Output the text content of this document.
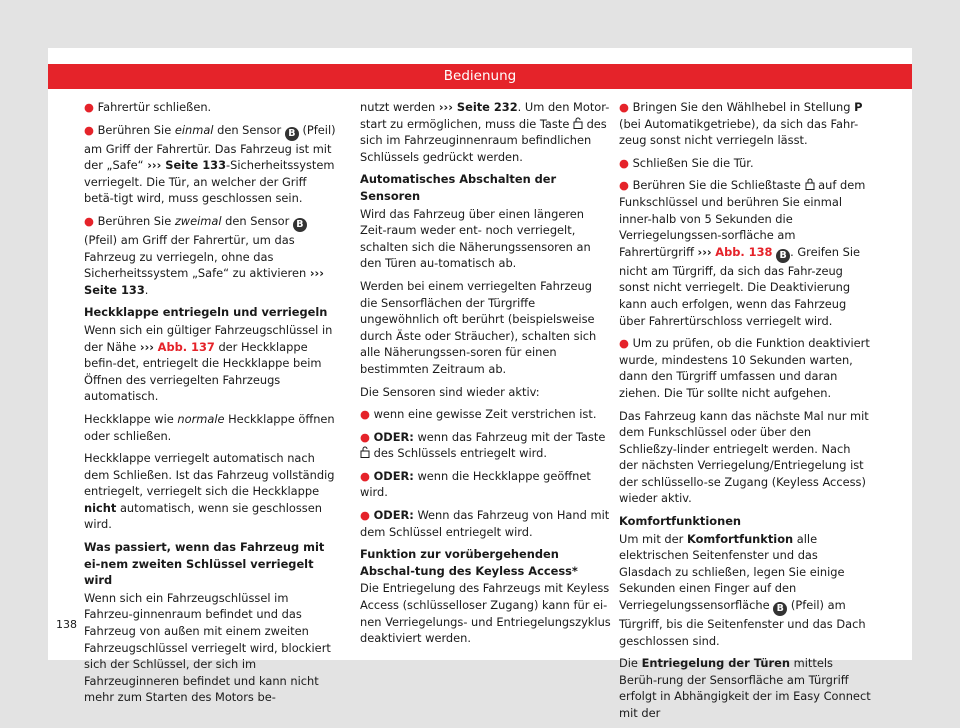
Bedienung

● Fahrertür schließen.

● Berühren Sie einmal den Sensor B (Pfeil) am Griff der Fahrertür. Das Fahrzeug ist mit der „Safe“ ››› Seite 133-Sicherheitssystem verriegelt. Die Tür, an welcher der Griff betä-tigt wird, muss geschlossen sein.

● Berühren Sie zweimal den Sensor B (Pfeil) am Griff der Fahrertür, um das Fahrzeug zu verriegeln, ohne das Sicherheitssystem „Safe“ zu aktivieren ››› Seite 133.

Heckklappe entriegeln und verriegeln

Wenn sich ein gültiger Fahrzeugschlüssel in der Nähe ››› Abb. 137 der Heckklappe befin-det, entriegelt die Heckklappe beim Öffnen des verriegelten Fahrzeugs automatisch.

Heckklappe wie normale Heckklappe öffnen oder schließen.

Heckklappe verriegelt automatisch nach dem Schließen. Ist das Fahrzeug vollständig entriegelt, verriegelt sich die Heckklappe nicht automatisch, wenn sie geschlossen wird.

Was passiert, wenn das Fahrzeug mit ei-nem zweiten Schlüssel verriegelt wird

Wenn sich ein Fahrzeugschlüssel im Fahrzeu-ginnenraum befindet und das Fahrzeug von außen mit einem zweiten Fahrzeugschlüssel verriegelt wird, blockiert sich der Schlüssel, der sich im Fahrzeuginneren befindet und kann nicht mehr zum Starten des Motors be-

nutzt werden ››› Seite 232. Um den Motor-start zu ermöglichen, muss die Taste  des sich im Fahrzeuginnenraum befindlichen Schlüssels gedrückt werden.

Automatisches Abschalten der Sensoren

Wird das Fahrzeug über einen längeren Zeit-raum weder ent- noch verriegelt, schalten sich die Näherungssensoren an den Türen au-tomatisch ab.

Werden bei einem verriegelten Fahrzeug die Sensorflächen der Türgriffe ungewöhnlich oft berührt (beispielsweise durch Äste oder Sträucher), schalten sich alle Näherungssen-soren für einen bestimmten Zeitraum ab.

Die Sensoren sind wieder aktiv:

● wenn eine gewisse Zeit verstrichen ist.

● ODER: wenn das Fahrzeug mit der Taste  des Schlüssels entriegelt wird.

● ODER: wenn die Heckklappe geöffnet wird.

● ODER: Wenn das Fahrzeug von Hand mit dem Schlüssel entriegelt wird.

Funktion zur vorübergehenden Abschal-tung des Keyless Access*

Die Entriegelung des Fahrzeugs mit Keyless Access (schlüsselloser Zugang) kann für ei-nen Verriegelungs- und Entriegelungszyklus deaktiviert werden.

● Bringen Sie den Wählhebel in Stellung P (bei Automatikgetriebe), da sich das Fahr-zeug sonst nicht verriegeln lässt.

● Schließen Sie die Tür.

● Berühren Sie die Schließtaste  auf dem Funkschlüssel und berühren Sie einmal inner-halb von 5 Sekunden die Verriegelungssen-sorfläche am Fahrertürgriff ››› Abb. 138 B . Greifen Sie nicht am Türgriff, da sich das Fahr-zeug sonst nicht verriegelt. Die Deaktivierung kann auch erfolgen, wenn das Fahrzeug über Fahrertürschloss verriegelt wird.

● Um zu prüfen, ob die Funktion deaktiviert wurde, mindestens 10 Sekunden warten, dann den Türgriff umfassen und daran ziehen. Die Tür sollte nicht aufgehen.

Das Fahrzeug kann das nächste Mal nur mit dem Funkschlüssel oder über den Schließzy-linder entriegelt werden. Nach der nächsten Verriegelung/Entriegelung ist der schlüssello-se Zugang (Keyless Access) wieder aktiv.

Komfortfunktionen

Um mit der Komfortfunktion alle elektrischen Seitenfenster und das Glasdach zu schließen, legen Sie einige Sekunden einen Finger auf den Verriegelungssensorfläche B (Pfeil) am Türgriff, bis die Seitenfenster und das Dach geschlossen sind.

Die Entriegelung der Türen mittels Berüh-rung der Sensorfläche am Türgriff erfolgt in Abhängigkeit der im Easy Connect mit der

138
